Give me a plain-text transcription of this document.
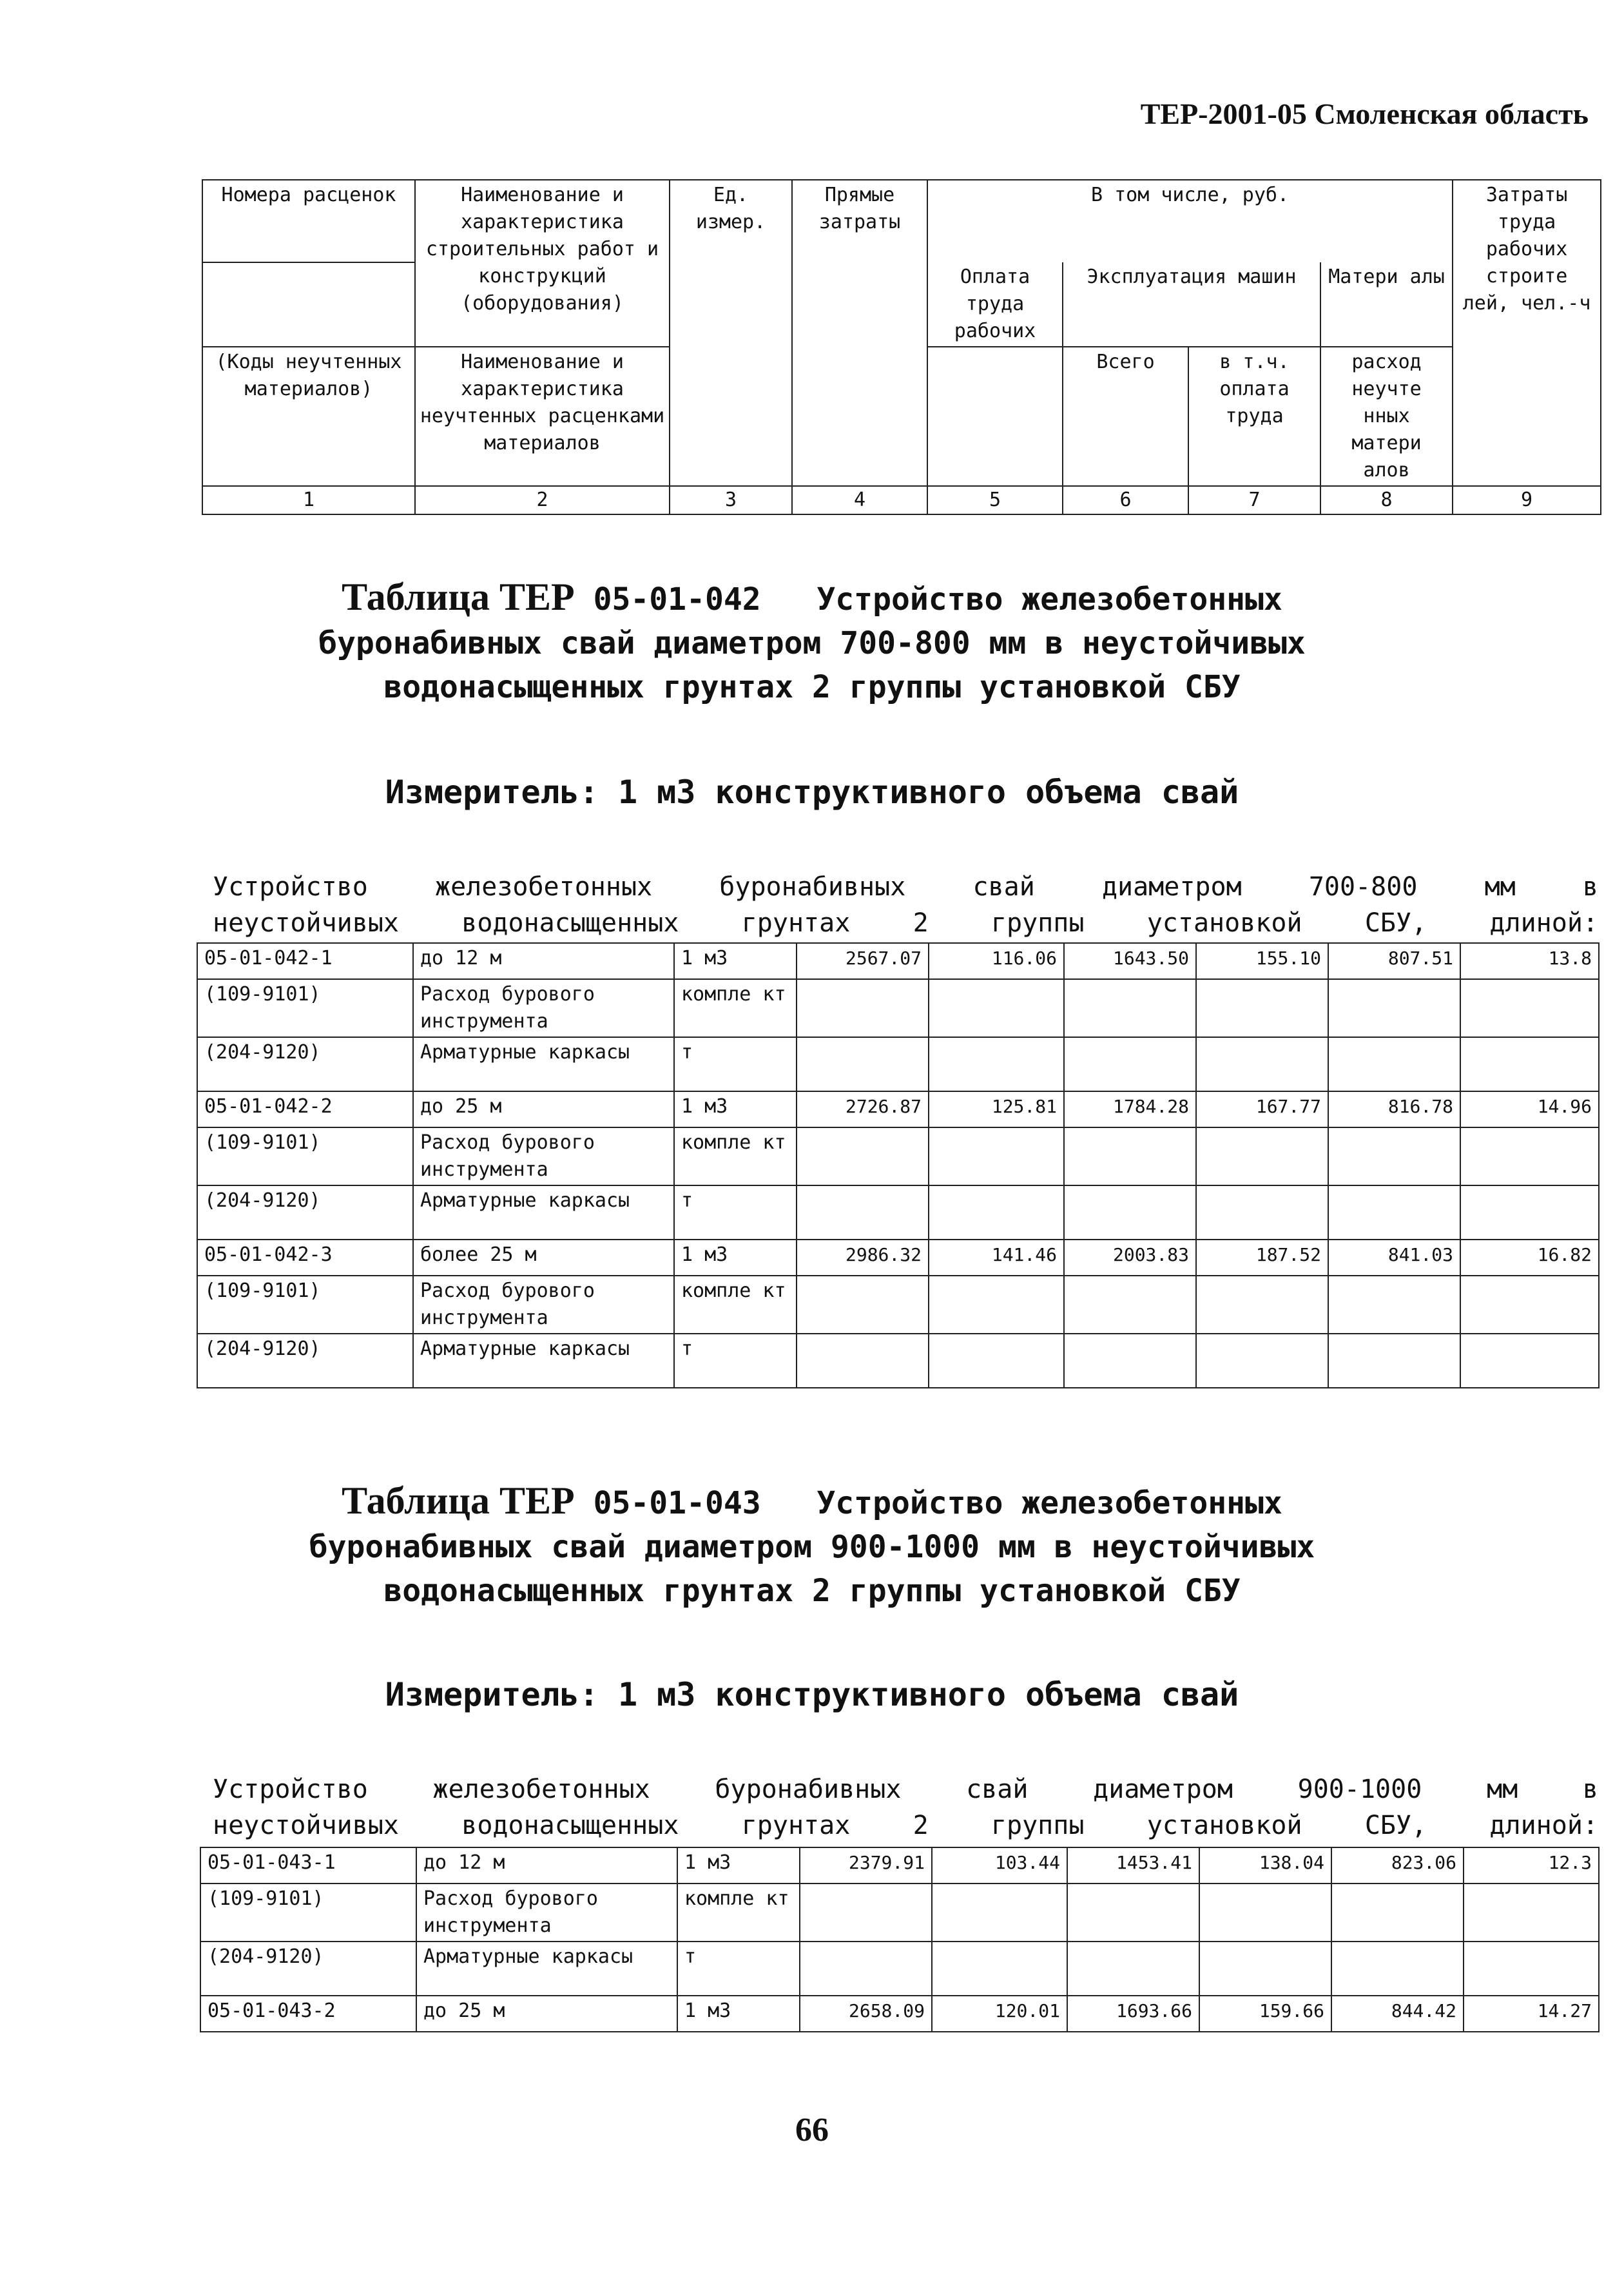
ТЕР-2001-05 Смоленская область
Номера расценок	Наименование и характеристика строительных работ и конструкций (оборудования)	Ед. измер.	Прямые затраты	В том числе, руб.				Затраты труда рабочих строите лей, чел.-ч
				Оплата труда рабочих	Эксплуатация машин		Матери алы	
(Коды неучтенных материалов)	Наименование и характеристика неучтенных расценками материалов				Всего	в т.ч. оплата труда	расход неучте нных матери алов	
1	2	3	4	5	6	7	8	9
Таблица ТЕР 05-01-042 Устройство железобетонных
буронабивных свай диаметром 700-800 мм в неустойчивых
водонасыщенных грунтах 2 группы установкой СБУ
Измеритель: 1 м3 конструктивного объема свай
Устройство железобетонных буронабивных свай диаметром 700-800 мм в
неустойчивых водонасыщенных грунтах 2 группы установкой СБУ, длиной:
05-01-042-1	до 12 м	1 м3	2567.07	116.06	1643.50	155.10	807.51	13.8
(109-9101)	Расход бурового инструмента	компле кт						
(204-9120)	Арматурные каркасы	т						
05-01-042-2	до 25 м	1 м3	2726.87	125.81	1784.28	167.77	816.78	14.96
(109-9101)	Расход бурового инструмента	компле кт						
(204-9120)	Арматурные каркасы	т						
05-01-042-3	более 25 м	1 м3	2986.32	141.46	2003.83	187.52	841.03	16.82
(109-9101)	Расход бурового инструмента	компле кт						
(204-9120)	Арматурные каркасы	т						
Таблица ТЕР 05-01-043 Устройство железобетонных
буронабивных свай диаметром 900-1000 мм в неустойчивых
водонасыщенных грунтах 2 группы установкой СБУ
Измеритель: 1 м3 конструктивного объема свай
Устройство железобетонных буронабивных свай диаметром 900-1000 мм в
неустойчивых водонасыщенных грунтах 2 группы установкой СБУ, длиной:
05-01-043-1	до 12 м	1 м3	2379.91	103.44	1453.41	138.04	823.06	12.3
(109-9101)	Расход бурового инструмента	компле кт						
(204-9120)	Арматурные каркасы	т						
05-01-043-2	до 25 м	1 м3	2658.09	120.01	1693.66	159.66	844.42	14.27
66
